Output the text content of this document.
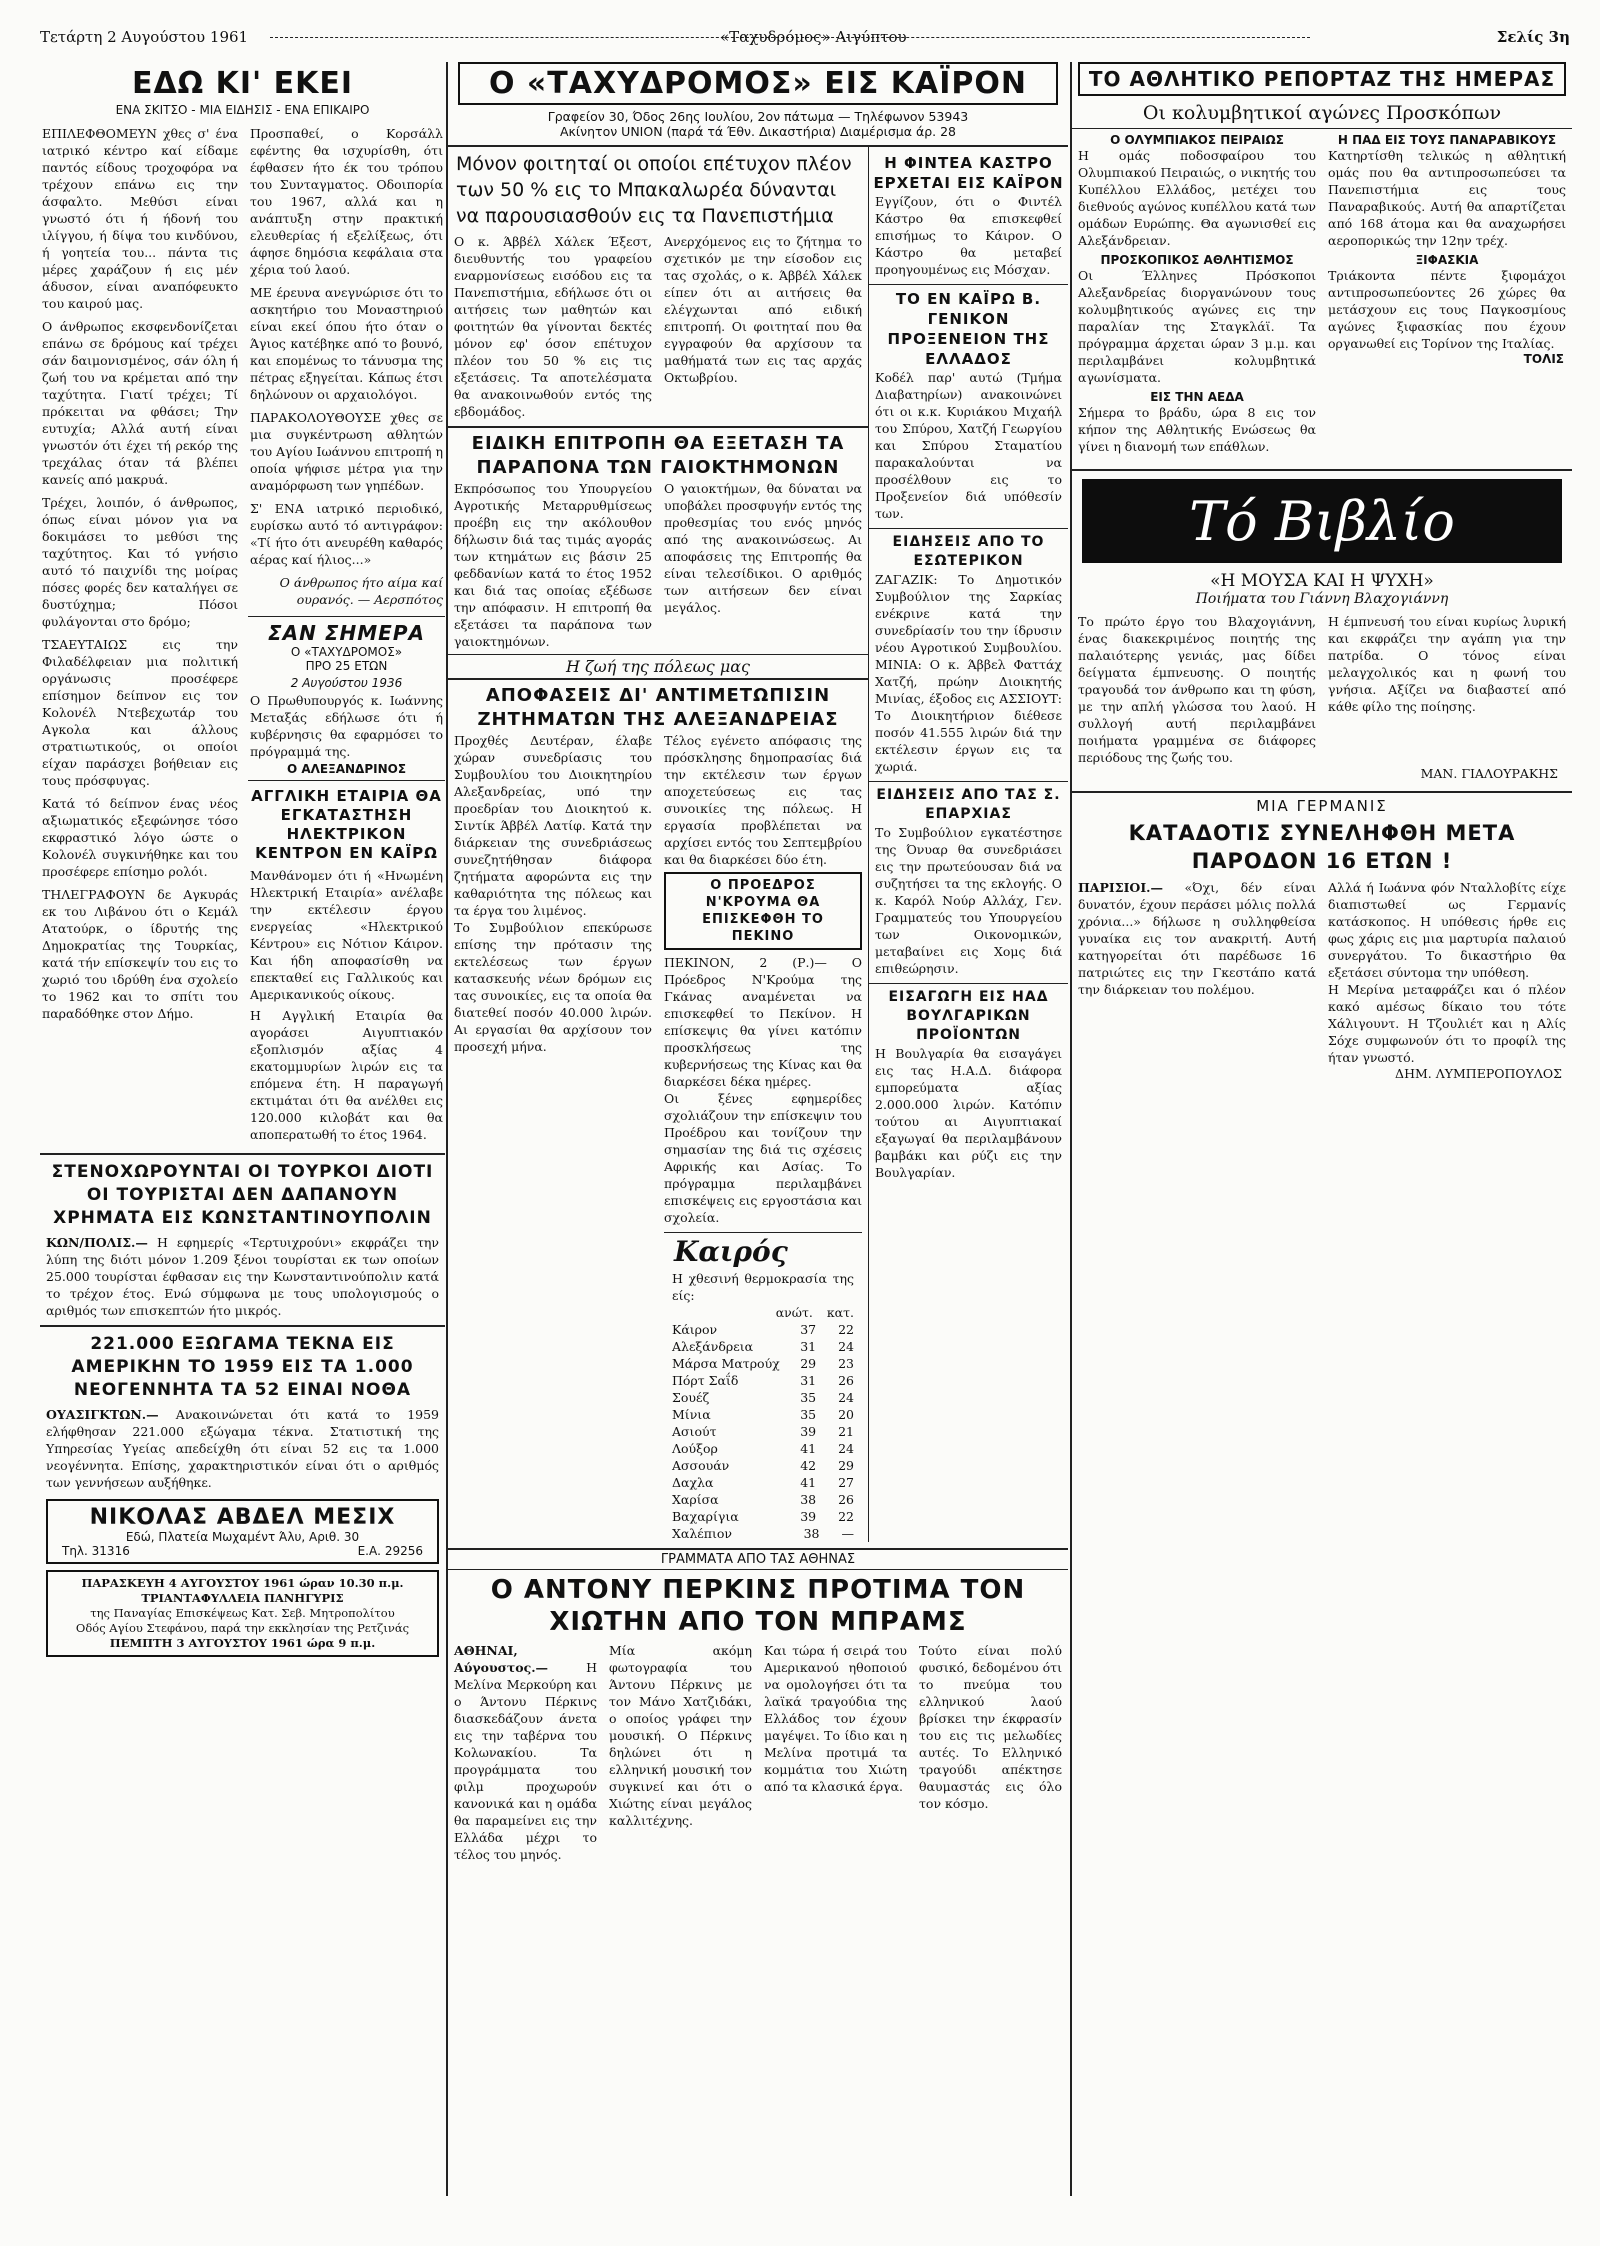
Τετάρτη 2 Αυγούστου 1961	«Ταχυδρόμος» Αιγύπτου	Σελίς 3η
ΕΔΩ ΚΙ' ΕΚΕΙ
ΕΝΑ ΣΚΙΤΣΟ - ΜΙΑ ΕΙΔΗΣΙΣ - ΕΝΑ ΕΠΙΚΑΙΡΟ

ΕΠΙΛΕΦΘΟΜΕΥΝ χθες σ' ένα ιατρικό κέντρο καί είδαμε παντός είδους τροχοφόρα να τρέχουν επάνω εις την άσφαλτο. Μεθύσι είναι γνωστό ότι ή ήδονή του ιλίγγου, ή δίψα του κινδύνου, ή γοητεία του... πάντα τις μέρες χαράζουν ή εις μέν άδυσον, είναι αναπόφευκτο του καιρού μας.

Ο άνθρωπος εκσφενδονίζεται επάνω σε δρόμους καί τρέχει σάν δαιμονισμένος, σάν όλη ή ζωή του να κρέμεται από την ταχύτητα. Γιατί τρέχει; Τί πρόκειται να φθάσει; Την ευτυχία; Αλλά αυτή είναι γνωστόν ότι έχει τή ρεκόρ της τρεχάλας όταν τά βλέπει κανείς από μακρυά.

Τρέχει, λοιπόν, ό άνθρωπος, όπως είναι μόνον για να δοκιμάσει το μεθύσι της ταχύτητος. Και τό γνήσιο αυτό τό παιχνίδι της μοίρας πόσες φορές δεν καταλήγει σε δυστύχημα; Πόσοι φυλάγονται στο δρόμο;

ΤΣΑΕΥΤΑΙΩΣ εις την Φιλαδέλφειαν μια πολιτική οργάνωσις προσέφερε επίσημον δείπνον εις τον Κολονέλ Ντεβεχωτάρ του Αγκολα και άλλους στρατιωτικούς, οι οποίοι είχαν παράσχει βοήθειαν εις τους πρόσφυγας.

Κατά τό δείπνον ένας νέος αξιωματικός εξεφώνησε τόσο εκφραστικό λόγο ώστε ο Κολονέλ συγκινήθηκε και του προσέφερε επίσημο ρολόι.

ΤΗΛΕΓΡΑΦΟΥΝ δε Αγκυράς εκ του Λιβάνου ότι ο Κεμάλ Ατατούρκ, ο ίδρυτής της Δημοκρατίας της Τουρκίας, κατά τήν επίσκεψίν του εις το χωριό του ιδρύθη ένα σχολείο το 1962 και το σπίτι του παραδόθηκε στον Δήμο.

Προσπαθεί, ο Κορσάλλ εφέντης θα ισχυρίσθη, ότι έφθασεν ήτο έκ του τρόπου του Συνταγματος. Οδοιπορία του 1967, αλλά και η ανάπτυξη στην πρακτική ελευθερίας ή εξελίξεως, ότι άφησε δημόσια κεφάλαια στα χέρια τού λαού.

ΜΕ έρευνα ανεγνώρισε ότι το ασκητήριο του Μοναστηριού είναι εκεί όπου ήτο όταν ο Άγιος κατέβηκε από το βουνό, και επομένως το τάνυσμα της πέτρας εξηγείται. Κάπως έτσι δηλώνουν οι αρχαιολόγοι.

ΠΑΡΑΚΟΛΟΥΘΟΥΣΕ χθες σε μια συγκέντρωση αθλητών του Αγίου Ιωάννου επιτροπή η οποία ψήφισε μέτρα για την αναμόρφωση των γηπέδων.

Σ' ΕΝΑ ιατρικό περιοδικό, ευρίσκω αυτό τό αντιγράφον: «Τί ήτο ότι ανευρέθη καθαρός αέρας καί ήλιος...»

Ο άνθρωπος ήτο αίμα καί ουρανός. — Αερσπότος

ΣΑΝ ΣΗΜΕΡΑ
Ο «ΤΑΧΥΔΡΟΜΟΣ»
ΠΡΟ 25 ΕΤΩΝ
2 Αυγούστου 1936

Ο Πρωθυπουργός κ. Ιωάννης Μεταξάς εδήλωσε ότι ή κυβέρνησις θα εφαρμόσει το πρόγραμμά της.

Ο ΑΛΕΞΑΝΔΡΙΝΟΣ
ΑΓΓΛΙΚΗ ΕΤΑΙΡΙΑ ΘΑ ΕΓΚΑΤΑΣΤΗΣΗ ΗΛΕΚΤΡΙΚΟΝ ΚΕΝΤΡΟΝ ΕΝ ΚΑΪΡΩ

Μανθάνομεν ότι ή «Ηνωμένη Ηλεκτρική Εταιρία» ανέλαβε την εκτέλεσιν έργου ενεργείας «Ηλεκτρικού Κέντρου» εις Νότιον Κάιρον. Και ήδη αποφασίσθη να επεκταθεί εις Γαλλικούς και Αμερικανικούς οίκους.

Η Αγγλική Εταιρία θα αγοράσει Αιγυπτιακόν εξοπλισμόν αξίας 4 εκατομμυρίων λιρών εις τα επόμενα έτη. Η παραγωγή εκτιμάται ότι θα ανέλθει εις 120.000 κιλοβάτ και θα αποπερατωθή το έτος 1964.

ΣΤΕΝΟΧΩΡΟΥΝΤΑΙ ΟΙ ΤΟΥΡΚΟΙ ΔΙΟΤΙ ΟΙ ΤΟΥΡΙΣΤΑΙ ΔΕΝ ΔΑΠΑΝΟΥΝ ΧΡΗΜΑΤΑ ΕΙΣ ΚΩΝΣΤΑΝΤΙΝΟΥΠΟΛΙΝ

ΚΩΝ/ΠΟΛΙΣ.— Η εφημερίς «Τερτυιχρούνι» εκφράζει την λύπη της διότι μόνον 1.209 ξένοι τουρίσται εκ των οποίων 25.000 τουρίσται έφθασαν εις την Κωνσταντινούπολιν κατά το τρέχον έτος. Ενώ σύμφωνα με τους υπολογισμούς ο αριθμός των επισκεπτών ήτο μικρός.

221.000 ΕΞΩΓΑΜΑ ΤΕΚΝΑ ΕΙΣ ΑΜΕΡΙΚΗΝ ΤΟ 1959 ΕΙΣ ΤΑ 1.000 ΝΕΟΓΕΝΝΗΤΑ ΤΑ 52 ΕΙΝΑΙ ΝΟΘΑ

ΟΥΑΣΙΓΚΤΩΝ.— Ανακοινώνεται ότι κατά το 1959 ελήφθησαν 221.000 εξώγαμα τέκνα. Στατιστική της Υπηρεσίας Υγείας απεδείχθη ότι είναι 52 εις τα 1.000 νεογέννητα. Επίσης, χαρακτηριστικόν είναι ότι ο αριθμός των γεννήσεων αυξήθηκε.

ΝΙΚΟΛΑΣ ΑΒΔΕΛ ΜΕΣΙΧ
Εδώ, Πλατεία Μωχαμέντ Άλυ, Αριθ. 30
Τηλ. 31316	Ε.Α. 29256
ΠΑΡΑΣΚΕΥΗ 4 ΑΥΓΟΥΣΤΟΥ 1961 ώραν 10.30 π.μ.
ΤΡΙΑΝΤΑΦΥΛΛΕΙΑ ΠΑΝΗΓΥΡΙΣ
της Παναγίας Επισκέψεως Κατ. Σεβ. Μητροπολίτου
Οδός Αγίου Στεφάνου, παρά την εκκλησίαν της Ρετζινάς
ΠΕΜΠΤΗ 3 ΑΥΓΟΥΣΤΟΥ 1961 ώρα 9 π.μ.
Ο «ΤΑΧΥΔΡΟΜΟΣ» ΕΙΣ ΚΑΪΡΟΝ
Γραφείον 30, Όδος 26ης Ιουλίου, 2ον πάτωμα — Τηλέφωνον 53943
Ακίνητον UNION (παρά τά Έθν. Δικαστήρια) Διαμέρισμα άρ. 28
Μόνον φοιτηταί οι οποίοι επέτυχον πλέον των 50 % εις το Μπακαλωρέα δύνανται να παρουσιασθούν εις τα Πανεπιστήμια

Ο κ. Άββέλ Χάλεκ Έξεστ, διευθυντής του γραφείου εναρμονίσεως εισόδου εις τα Πανεπιστήμια, εδήλωσε ότι οι αιτήσεις των μαθητών και φοιτητών θα γίνονται δεκτές μόνον εφ' όσον επέτυχον πλέον του 50 % εις τις εξετάσεις. Τα αποτελέσματα θα ανακοινωθούν εντός της εβδομάδος.

Ανερχόμενος εις το ζήτημα το σχετικόν με την είσοδον εις τας σχολάς, ο κ. Άββέλ Χάλεκ είπεν ότι αι αιτήσεις θα ελέγχωνται από ειδική επιτροπή. Οι φοιτηταί που θα εγγραφούν θα αρχίσουν τα μαθήματά των εις τας αρχάς Οκτωβρίου.

ΕΙΔΙΚΗ ΕΠΙΤΡΟΠΗ ΘΑ ΕΞΕΤΑΣΗ ΤΑ ΠΑΡΑΠΟΝΑ ΤΩΝ ΓΑΙΟΚΤΗΜΟΝΩΝ

Εκπρόσωπος του Υπουργείου Αγροτικής Μεταρρυθμίσεως προέβη εις την ακόλουθον δήλωσιν διά τας τιμάς αγοράς των κτημάτων εις βάσιν 25 φεδδανίων κατά το έτος 1952 και διά τας οποίας εξέδωσε την απόφασιν. Η επιτροπή θα εξετάσει τα παράπονα των γαιοκτημόνων.

Ο γαιοκτήμων, θα δύναται να υποβάλει προσφυγήν εντός της προθεσμίας του ενός μηνός από της ανακοινώσεως. Αι αποφάσεις της Επιτροπής θα είναι τελεσίδικοι. Ο αριθμός των αιτήσεων δεν είναι μεγάλος.

Η ζωή της πόλεως μας
ΑΠΟΦΑΣΕΙΣ ΔΙ' ΑΝΤΙΜΕΤΩΠΙΣΙΝ ΖΗΤΗΜΑΤΩΝ ΤΗΣ ΑΛΕΞΑΝΔΡΕΙΑΣ

Προχθές Δευτέραν, έλαβε χώραν συνεδρίασις του Συμβουλίου του Διοικητηρίου Αλεξανδρείας, υπό την προεδρίαν του Διοικητού κ. Σιντίκ Άββέλ Λατίφ. Κατά την διάρκειαν της συνεδριάσεως συνεζητήθησαν διάφορα ζητήματα αφορώντα εις την καθαριότητα της πόλεως και τα έργα του λιμένος.

Το Συμβούλιον επεκύρωσε επίσης την πρότασιν της εκτελέσεως των έργων κατασκευής νέων δρόμων εις τας συνοικίες, εις τα οποία θα διατεθεί ποσόν 40.000 λιρών. Αι εργασίαι θα αρχίσουν τον προσεχή μήνα.

Τέλος εγένετο απόφασις της πρόσκλησης δημοπρασίας διά την εκτέλεσιν των έργων αποχετεύσεως εις τας συνοικίες της πόλεως. Η εργασία προβλέπεται να αρχίσει εντός του Σεπτεμβρίου και θα διαρκέσει δύο έτη.

Ο ΠΡΟΕΔΡΟΣ Ν'ΚΡΟΥΜΑ ΘΑ ΕΠΙΣΚΕΦΘΗ ΤΟ ΠΕΚΙΝΟ

ΠΕΚΙΝΟΝ, 2 (Ρ.)— Ο Πρόεδρος Ν'Κρούμα της Γκάνας αναμένεται να επισκεφθεί το Πεκίνον. Η επίσκεψις θα γίνει κατόπιν προσκλήσεως της κυβερνήσεως της Κίνας και θα διαρκέσει δέκα ημέρες.

Οι ξένες εφημερίδες σχολιάζουν την επίσκεψιν του Προέδρου και τονίζουν την σημασίαν της διά τις σχέσεις Αφρικής και Ασίας. Το πρόγραμμα περιλαμβάνει επισκέψεις εις εργοστάσια και σχολεία.

Καιρός
Η χθεσινή θερμοκρασία της είς:
ανώτ. κατ.
Κάιρον	37 22
Αλεξάνδρεια	31 24
Μάρσα Ματρούχ 29 23
Πόρτ Σαΐδ	31 26
Σουέζ	35 24
Μίνια	35 20
Ασιούτ	39 21
Λούξορ	41 24
Ασσουάν	42 29
Δαχλα	41 27
Χαρίσα	38 26
Βαχαρίγια	39 22
Χαλέπιον	38 —
Η ΦΙΝΤΕΑ ΚΑΣΤΡΟ ΕΡΧΕΤΑΙ ΕΙΣ ΚΑΪΡΟΝ

Εγγίζουν, ότι ο Φιντέλ Κάστρο θα επισκεφθεί επισήμως το Κάιρον. Ο Κάστρο θα μεταβεί προηγουμένως εις Μόσχαν.

ΤΟ ΕΝ ΚΑΪΡΩ Β. ΓΕΝΙΚΟΝ ΠΡΟΞΕΝΕΙΟΝ ΤΗΣ ΕΛΛΑΔΟΣ

Κοδέλ παρ' αυτώ (Τμήμα Διαβατηρίων) ανακοινώνει ότι οι κ.κ. Κυριάκου Μιχαήλ του Σπύρου, Χατζή Γεωργίου και Σπύρου Σταματίου παρακαλούνται να προσέλθουν εις το Προξενείον διά υπόθεσίν των.

ΕΙΔΗΣΕΙΣ ΑΠΟ ΤΟ ΕΣΩΤΕΡΙΚΟΝ

ΖΑΓΑΖΙΚ: Το Δημοτικόν Συμβούλιον της Σαρκίας ενέκρινε κατά την συνεδρίασίν του την ίδρυσιν νέου Αγροτικού Συμβουλίου. ΜΙΝΙΑ: Ο κ. Άββελ Φαττάχ Χατζή, πρώην Διοικητής Μινίας, έξοδος εις ΑΣΣΙΟΥΤ: Το Διοικητήριον διέθεσε ποσόν 41.555 λιρών διά την εκτέλεσιν έργων εις τα χωριά.

ΕΙΔΗΣΕΙΣ ΑΠΟ ΤΑΣ Σ. ΕΠΑΡΧΙΑΣ

Το Συμβούλιον εγκατέστησε της Όνυαρ θα συνεδριάσει εις την πρωτεύουσαν διά να συζητήσει τα της εκλογής. Ο κ. Καρόλ Νούρ Αλλάχ, Γεν. Γραμματεύς του Υπουργείου των Οικονομικών, μεταβαίνει εις Χομς διά επιθεώρησιν.

ΕΙΣΑΓΩΓΗ ΕΙΣ ΗΑΔ ΒΟΥΛΓΑΡΙΚΩΝ ΠΡΟΪΟΝΤΩΝ

Η Βουλγαρία θα εισαγάγει εις τας Η.Α.Δ. διάφορα εμπορεύματα αξίας 2.000.000 λιρών. Κατόπιν τούτου αι Αιγυπτιακαί εξαγωγαί θα περιλαμβάνουν βαμβάκι και ρύζι εις την Βουλγαρίαν.

ΓΡΑΜΜΑΤΑ ΑΠΟ ΤΑΣ ΑΘΗΝΑΣ
Ο ΑΝΤΟΝΥ ΠΕΡΚΙΝΣ ΠΡΟΤΙΜΑ ΤΟΝ ΧΙΩΤΗΝ ΑΠΟ ΤΟΝ ΜΠΡΑΜΣ

ΑΘΗΝΑΙ, Αύγουστος.—	Η Μελίνα Μερκούρη και ο Άντονυ Πέρκινς διασκεδάζουν άνετα εις την ταβέρνα του Κολωνακίου. Τα προγράμματα του φιλμ προχωρούν κανονικά και η ομάδα θα παραμείνει εις την Ελλάδα μέχρι το τέλος του μηνός.

Μία ακόμη φωτογραφία του Άντονυ Πέρκινς με τον Μάνο Χατζιδάκι, ο οποίος γράφει την μουσική. Ο Πέρκινς δηλώνει ότι η ελληνική μουσική τον συγκινεί και ότι ο Χιώτης είναι μεγάλος καλλιτέχνης.

Και τώρα ή σειρά του Αμερικανού ηθοποιού να ομολογήσει ότι τα λαϊκά τραγούδια της Ελλάδος τον έχουν μαγέψει. Το ίδιο και η Μελίνα προτιμά τα κομμάτια του Χιώτη από τα κλασικά έργα.

Τούτο είναι πολύ φυσικό, δεδομένου ότι το πνεύμα του ελληνικού λαού βρίσκει την έκφρασίν του εις τις μελωδίες αυτές. Το Ελληνικό τραγούδι απέκτησε θαυμαστάς εις όλο τον κόσμο.

ΤΟ ΑΘΛΗΤΙΚΟ ΡΕΠΟΡΤΑΖ ΤΗΣ ΗΜΕΡΑΣ
Οι κολυμβητικοί αγώνες Προσκόπων
Ο ΟΛΥΜΠΙΑΚΟΣ ΠΕΙΡΑΙΩΣ

Η ομάς ποδοσφαίρου του Ολυμπιακού Πειραιώς, ο νικητής του Κυπέλλου Ελλάδος, μετέχει του διεθνούς αγώνος κυπέλλου κατά των ομάδων Ευρώπης. Θα αγωνισθεί εις Αλεξάνδρειαν.

ΠΡΟΣΚΟΠΙΚΟΣ ΑΘΛΗΤΙΣΜΟΣ

Οι Έλληνες Πρόσκοποι Αλεξανδρείας διοργανώνουν τους κολυμβητικούς αγώνες εις την παραλίαν της Σταγκλάϊ. Τα πρόγραμμα άρχεται ώραν 3 μ.μ. και περιλαμβάνει κολυμβητικά αγωνίσματα.

ΕΙΣ ΤΗΝ ΑΕΔΑ

Σήμερα το βράδυ, ώρα 8 εις τον κήπον της Αθλητικής Ενώσεως θα γίνει η διανομή των επάθλων.

Η ΠΑΔ ΕΙΣ ΤΟΥΣ ΠΑΝΑΡΑΒΙΚΟΥΣ

Κατηρτίσθη τελικώς η αθλητική ομάς που θα αντιπροσωπεύσει τα Πανεπιστήμια εις τους Παναραβικούς. Αυτή θα απαρτίζεται από 168 άτομα και θα αναχωρήσει αεροπορικώς την 12ην τρέχ.

ΞΙΦΑΣΚΙΑ

Τριάκοντα πέντε ξιφομάχοι αντιπροσωπεύοντες 26 χώρες θα μετάσχουν εις τους Παγκοσμίους αγώνες ξιφασκίας που έχουν οργανωθεί εις Τορίνον της Ιταλίας.

ΤΟΛΙΣ
Τό Βιβλίο
«Η ΜΟΥΣΑ ΚΑΙ Η ΨΥΧΗ»
Ποιήματα του Γιάννη Βλαχογιάννη

Το πρώτο έργο του Βλαχογιάννη, ένας διακεκριμένος ποιητής της παλαιότερης γενιάς, μας δίδει δείγματα έμπνευσης. Ο ποιητής τραγουδά τον άνθρωπο και τη φύση, με την απλή γλώσσα του λαού. Η συλλογή αυτή περιλαμβάνει ποιήματα γραμμένα σε διάφορες περιόδους της ζωής του.

Η έμπνευσή του είναι κυρίως λυρική και εκφράζει την αγάπη για την πατρίδα. Ο τόνος είναι μελαγχολικός και η φωνή του γνήσια. Αξίζει να διαβαστεί από κάθε φίλο της ποίησης.

ΜΑΝ. ΓΙΑΛΟΥΡΑΚΗΣ
ΜΙΑ ΓΕΡΜΑΝΙΣ
ΚΑΤΑΔΟΤΙΣ ΣΥΝΕΛΗΦΘΗ ΜΕΤΑ ΠΑΡΟΔΟΝ 16 ΕΤΩΝ !

ΠΑΡΙΣΙΟΙ.— «Όχι, δέν είναι δυνατόν, έχουν περάσει μόλις πολλά χρόνια...» δήλωσε η συλληφθείσα γυναίκα εις τον ανακριτή. Αυτή κατηγορείται ότι παρέδωσε 16 πατριώτες εις την Γκεστάπο κατά την διάρκειαν του πολέμου.

Αλλά ή Ιωάννα φόν Νταλλοβίτς είχε διαπιστωθεί ως Γερμανίς κατάσκοπος. Η υπόθεσις ήρθε εις φως χάρις εις μια μαρτυρία παλαιού συνεργάτου. Το δικαστήριο θα εξετάσει σύντομα την υπόθεση.

Η Μερίνα μεταφράζει και ό πλέον κακό αμέσως δίκαιο του τότε Χάλιγουντ. Η Τζουλιέτ και η Αλίς Σόχε συμφωνούν ότι το προφίλ της ήταν γνωστό.

ΔΗΜ. ΛΥΜΠΕΡΟΠΟΥΛΟΣ
